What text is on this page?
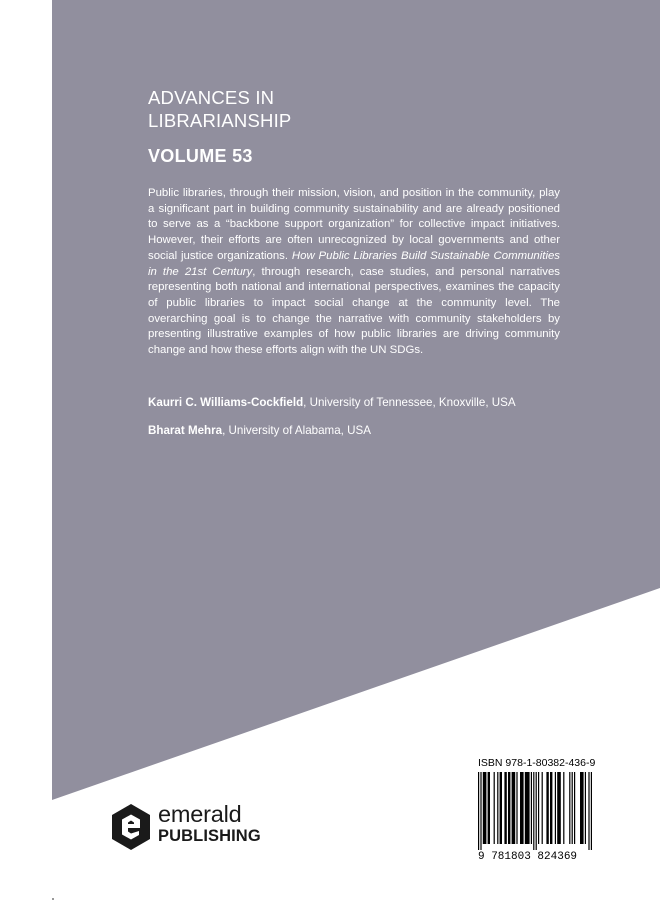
ADVANCES IN
LIBRARIANSHIP
VOLUME 53
Public libraries, through their mission, vision, and position in the community, play a significant part in building community sustainability and are already positioned to serve as a “backbone support organization” for collective impact initiatives. However, their efforts are often unrecognized by local governments and other social justice organizations. How Public Libraries Build Sustainable Communities in the 21st Century, through research, case studies, and personal narratives representing both national and international perspectives, examines the capacity of public libraries to impact social change at the community level. The overarching goal is to change the narrative with community stakeholders by presenting illustrative examples of how public libraries are driving community change and how these efforts align with the UN SDGs.
Kaurri C. Williams-Cockfield, University of Tennessee, Knoxville, USA
Bharat Mehra, University of Alabama, USA
emerald
PUBLISHING
ISBN 978-1-80382-436-9
9 781803 824369
